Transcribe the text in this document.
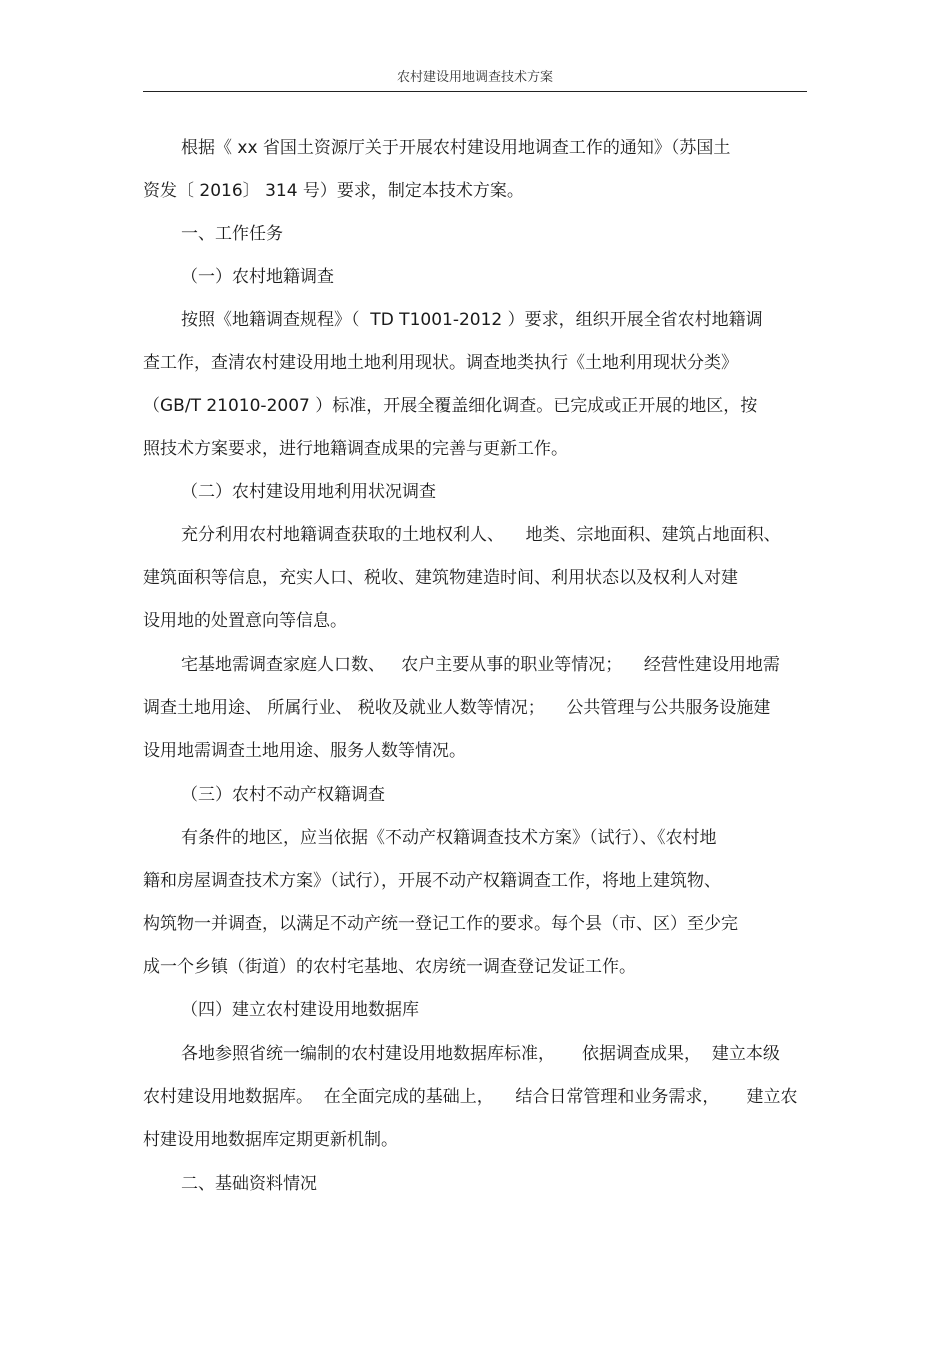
农村建设用地调查技术方案
根据《 xx 省国土资源厅关于开展农村建设用地调查工作的通知》（苏国土
资发〔 2016〕 314 号）要求，制定本技术方案。
一、工作任务
（一）农村地籍调查
按照《地籍调查规程》（  TD T1001-2012 ）要求，组织开展全省农村地籍调
查工作，查清农村建设用地土地利用现状。调查地类执行《土地利用现状分类》
（GB/T 21010-2007 ）标准，开展全覆盖细化调查。已完成或正开展的地区，按
照技术方案要求，进行地籍调查成果的完善与更新工作。
（二）农村建设用地利用状况调查
充分利用农村地籍调查获取的土地权利人、    地类、宗地面积、建筑占地面积、
建筑面积等信息，充实人口、税收、建筑物建造时间、利用状态以及权利人对建
设用地的处置意向等信息。
宅基地需调查家庭人口数、   农户主要从事的职业等情况；    经营性建设用地需
调查土地用途、 所属行业、 税收及就业人数等情况；    公共管理与公共服务设施建
设用地需调查土地用途、服务人数等情况。
（三）农村不动产权籍调查
有条件的地区，应当依据《不动产权籍调查技术方案》（试行）、《农村地
籍和房屋调查技术方案》（试行），开展不动产权籍调查工作，将地上建筑物、
构筑物一并调查，以满足不动产统一登记工作的要求。每个县（市、区）至少完
成一个乡镇（街道）的农村宅基地、农房统一调查登记发证工作。
（四）建立农村建设用地数据库
各地参照省统一编制的农村建设用地数据库标准，     依据调查成果，  建立本级
农村建设用地数据库。  在全面完成的基础上，    结合日常管理和业务需求，     建立农
村建设用地数据库定期更新机制。
二、基础资料情况
